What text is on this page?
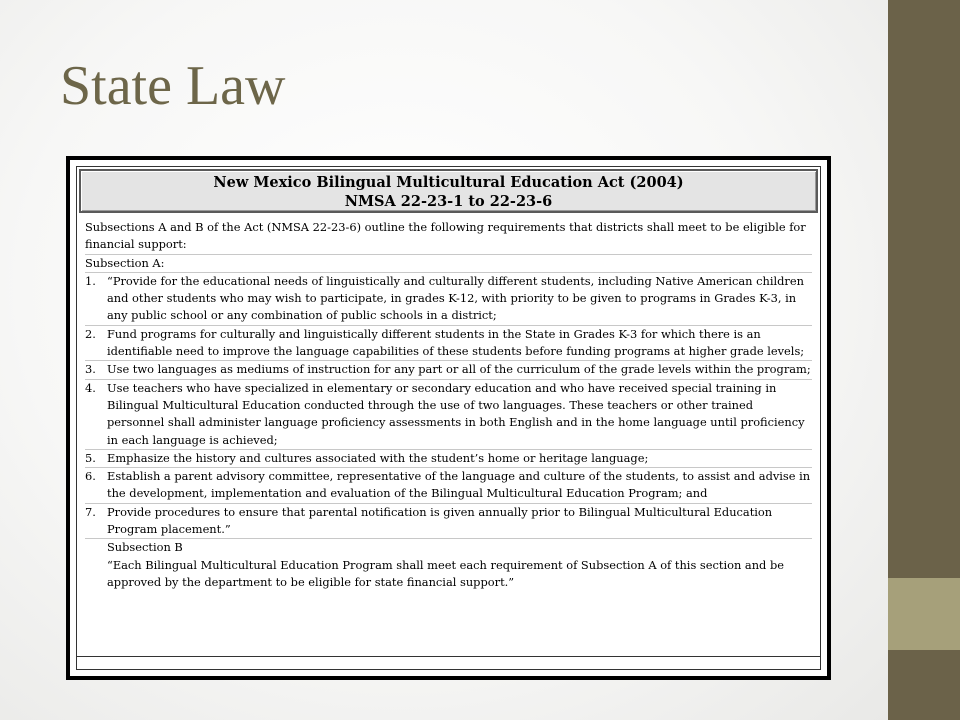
State Law
New Mexico Bilingual Multicultural Education Act (2004)
NMSA 22-23-1 to 22-23-6

Subsections A and B of the Act (NMSA 22-23-6) outline the following requirements that districts shall meet to be eligible for financial support:

Subsection A:

1. “Provide for the educational needs of linguistically and culturally different students, including Native American children and other students who may wish to participate, in grades K-12, with priority to be given to programs in Grades K-3, in any public school or any combination of public schools in a district;
2. Fund programs for culturally and linguistically different students in the State in Grades K-3 for which there is an identifiable need to improve the language capabilities of these students before funding programs at higher grade levels;
3. Use two languages as mediums of instruction for any part or all of the curriculum of the grade levels within the program;
4. Use teachers who have specialized in elementary or secondary education and who have received special training in Bilingual Multicultural Education conducted through the use of two languages. These teachers or other trained personnel shall administer language proficiency assessments in both English and in the home language until proficiency in each language is achieved;
5. Emphasize the history and cultures associated with the student’s home or heritage language;
6. Establish a parent advisory committee, representative of the language and culture of the students, to assist and advise in the development, implementation and evaluation of the Bilingual Multicultural Education Program; and
7. Provide procedures to ensure that parental notification is given annually prior to Bilingual Multicultural Education Program placement.”

Subsection B

“Each Bilingual Multicultural Education Program shall meet each requirement of Subsection A of this section and be approved by the department to be eligible for state financial support.”
